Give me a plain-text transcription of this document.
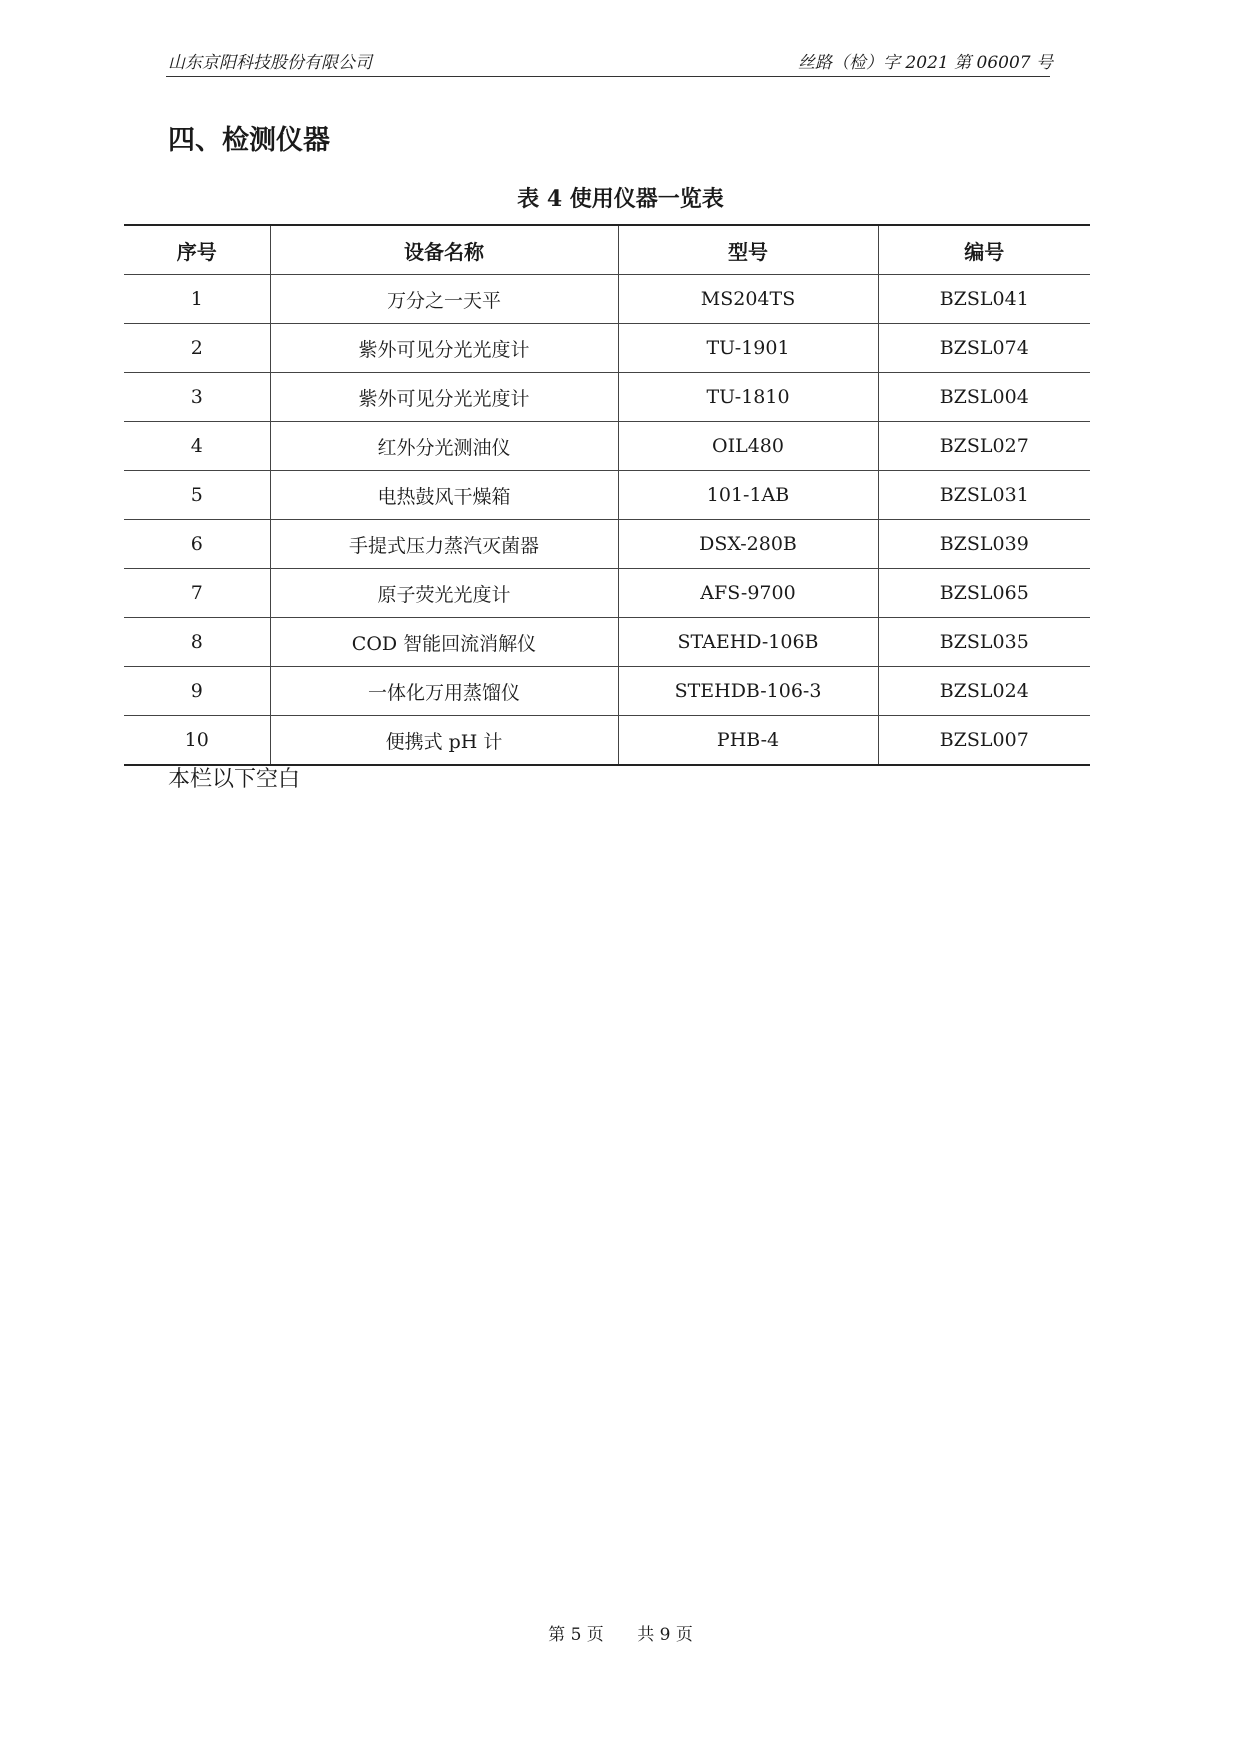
山东京阳科技股份有限公司	丝路（检）字 2021 第 06007 号
四、检测仪器
表 4 使用仪器一览表
序号	设备名称	型号	编号
1	万分之一天平	MS204TS	BZSL041
2	紫外可见分光光度计	TU-1901	BZSL074
3	紫外可见分光光度计	TU-1810	BZSL004
4	红外分光测油仪	OIL480	BZSL027
5	电热鼓风干燥箱	101-1AB	BZSL031
6	手提式压力蒸汽灭菌器	DSX-280B	BZSL039
7	原子荧光光度计	AFS-9700	BZSL065
8	COD 智能回流消解仪	STAEHD-106B	BZSL035
9	一体化万用蒸馏仪	STEHDB-106-3	BZSL024
10	便携式 pH 计	PHB-4	BZSL007
本栏以下空白
第 5 页 共 9 页
